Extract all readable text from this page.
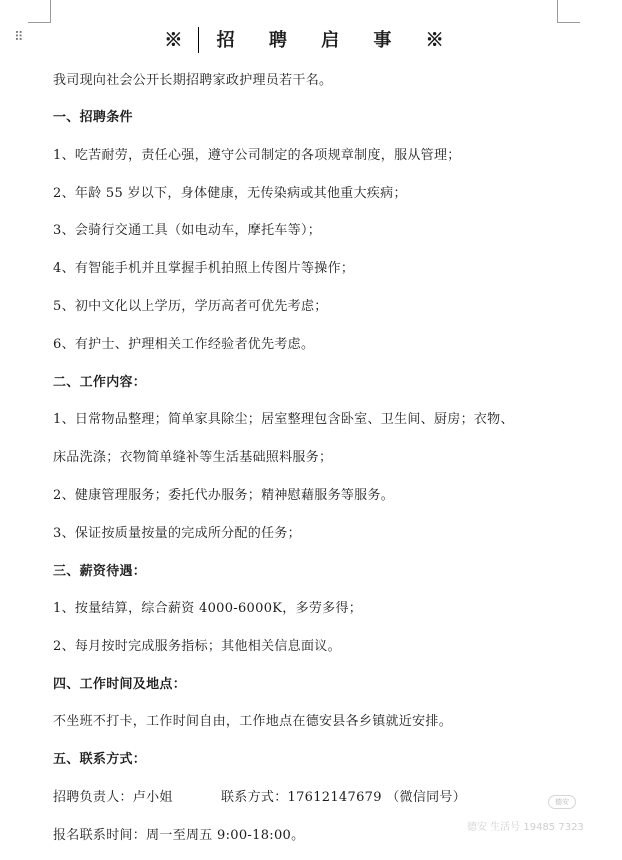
⠿	※ 招 聘 启 事 ※
我司现向社会公开长期招聘家政护理员若干名。
一、招聘条件
1、吃苦耐劳，责任心强，遵守公司制定的各项规章制度，服从管理；
2、年龄 55 岁以下，身体健康，无传染病或其他重大疾病；
3、会骑行交通工具（如电动车，摩托车等）；
4、有智能手机并且掌握手机拍照上传图片等操作；
5、初中文化以上学历，学历高者可优先考虑；
6、有护士、护理相关工作经验者优先考虑。
二、工作内容：
1、日常物品整理；简单家具除尘；居室整理包含卧室、卫生间、厨房；衣物、
床品洗涤；衣物简单缝补等生活基础照料服务；
2、健康管理服务；委托代办服务；精神慰藉服务等服务。
3、保证按质量按量的完成所分配的任务；
三、薪资待遇：
1、按量结算，综合薪资 4000-6000K，多劳多得；
2、每月按时完成服务指标；其他相关信息面议。
四、工作时间及地点：
不坐班不打卡，工作时间自由，工作地点在德安县各乡镇就近安排。
五、联系方式：
招聘负责人：卢小姐	联系方式：17612147679 （微信同号）
报名联系时间：周一至周五 9:00-18:00。
德安
德安 生活号 19485 7323
